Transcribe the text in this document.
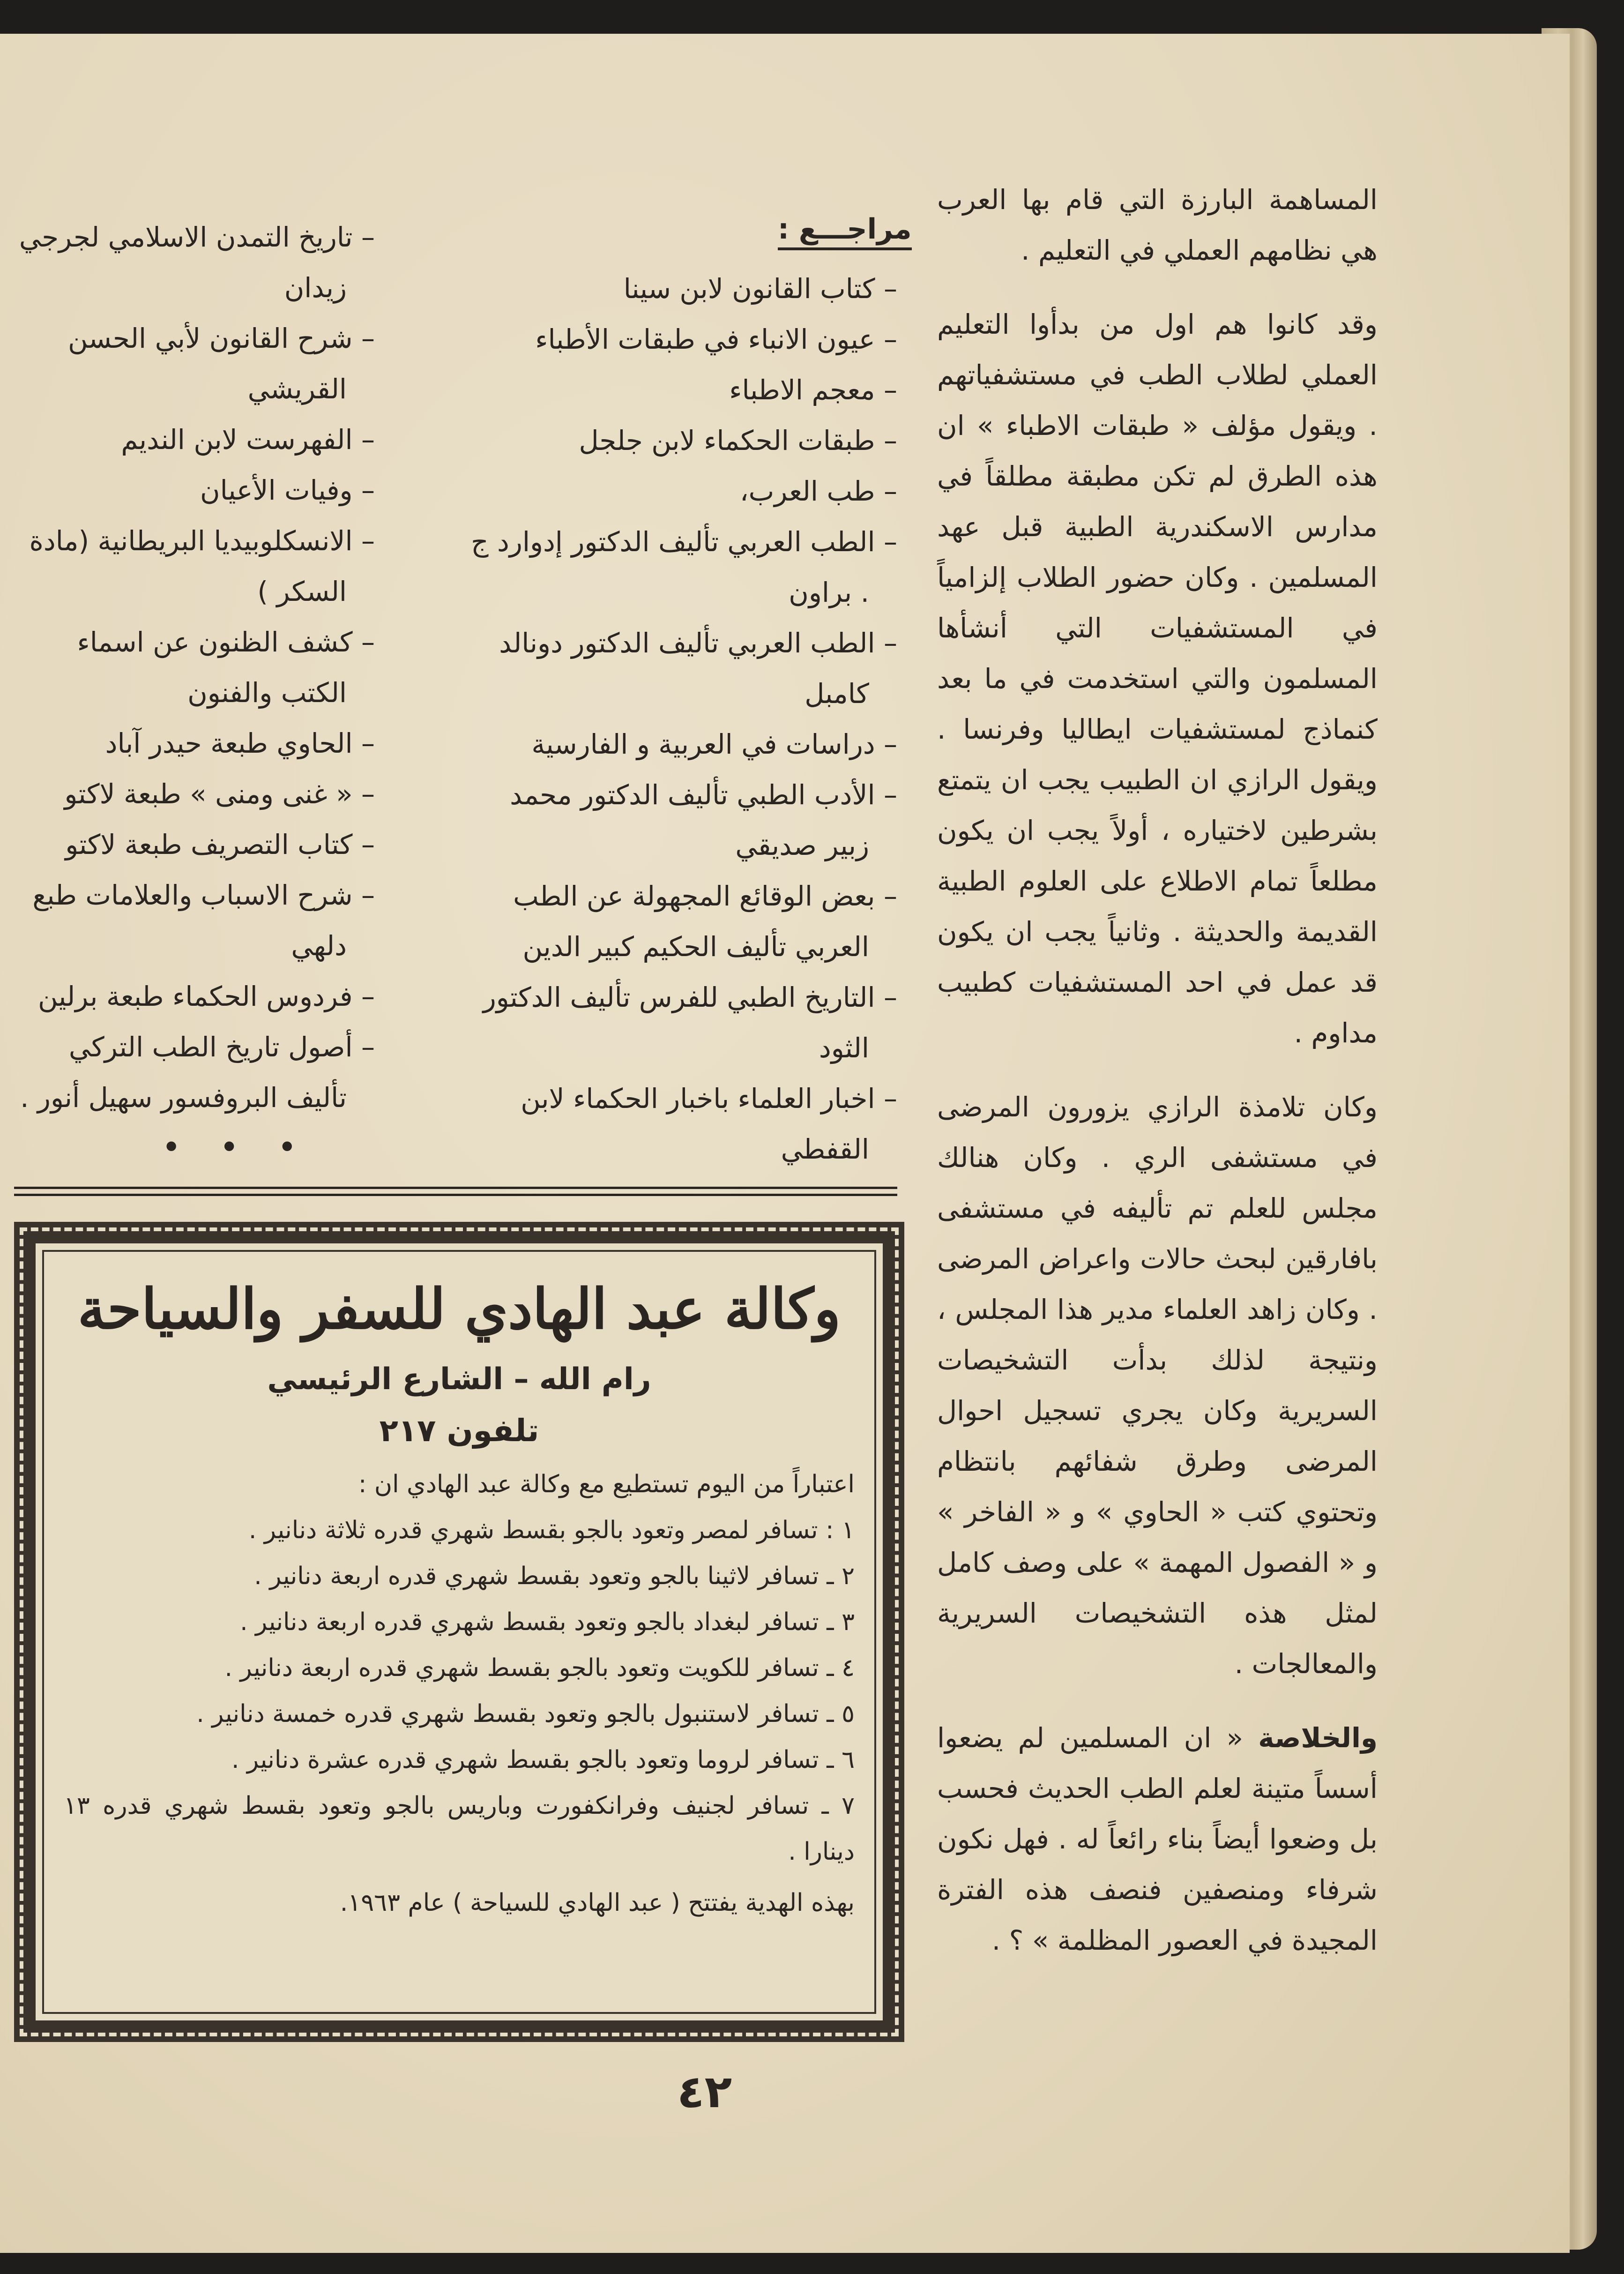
المساهمة البارزة التي قام بها العرب هي نظامهم العملي في التعليم .

وقد كانوا هم اول من بدأوا التعليم العملي لطلاب الطب في مستشفياتهم . ويقول مؤلف « طبقات الاطباء » ان هذه الطرق لم تكن مطبقة مطلقاً في مدارس الاسكندرية الطبية قبل عهد المسلمين . وكان حضور الطلاب إلزامياً في المستشفيات التي أنشأها المسلمون والتي استخدمت في ما بعد كنماذج لمستشفيات ايطاليا وفرنسا . ويقول الرازي ان الطبيب يجب ان يتمتع بشرطين لاختياره ، أولاً يجب ان يكون مطلعاً تمام الاطلاع على العلوم الطبية القديمة والحديثة . وثانياً يجب ان يكون قد عمل في احد المستشفيات كطبيب مداوم .

وكان تلامذة الرازي يزورون المرضى في مستشفى الري . وكان هنالك مجلس للعلم تم تأليفه في مستشفى بافارقين لبحث حالات واعراض المرضى . وكان زاهد العلماء مدير هذا المجلس ، ونتيجة لذلك بدأت التشخيصات السريرية وكان يجري تسجيل احوال المرضى وطرق شفائهم بانتظام وتحتوي كتب « الحاوي » و « الفاخر » و « الفصول المهمة » على وصف كامل لمثل هذه التشخيصات السريرية والمعالجات .

والخلاصة « ان المسلمين لم يضعوا أسساً متينة لعلم الطب الحديث فحسب بل وضعوا أيضاً بناء رائعاً له . فهل نكون شرفاء ومنصفين فنصف هذه الفترة المجيدة في العصور المظلمة » ؟ .

مراجـــع :
– كتاب القانون لابن سينا
– عيون الانباء في طبقات الأطباء
– معجم الاطباء
– طبقات الحكماء لابن جلجل
– طب العرب،
– الطب العربي تأليف الدكتور إدوارد ج . براون
– الطب العربي تأليف الدكتور دونالد كامبل
– دراسات في العربية و الفارسية
– الأدب الطبي تأليف الدكتور محمد زبير صديقي
– بعض الوقائع المجهولة عن الطب العربي تأليف الحكيم كبير الدين
– التاريخ الطبي للفرس تأليف الدكتور الثود
– اخبار العلماء باخبار الحكماء لابن القفطي
– تاريخ التمدن الاسلامي لجرجي زيدان
– شرح القانون لأبي الحسن القريشي
– الفهرست لابن النديم
– وفيات الأعيان
– الانسكلوبيديا البريطانية (مادة السكر )
– كشف الظنون عن اسماء الكتب والفنون
– الحاوي طبعة حيدر آباد
– « غنى ومنى » طبعة لاكتو
– كتاب التصريف طبعة لاكتو
– شرح الاسباب والعلامات طبع دلهي
– فردوس الحكماء طبعة برلين
– أصول تاريخ الطب التركي تأليف البروفسور سهيل أنور .
• • •
وكالة عبد الهادي للسفر والسياحة
رام الله – الشارع الرئيسي
تلفون ٢١٧
اعتباراً من اليوم تستطيع مع وكالة عبد الهادي ان :
١ : تسافر لمصر وتعود بالجو بقسط شهري قدره ثلاثة دنانير .
٢ ـ تسافر لاثينا بالجو وتعود بقسط شهري قدره اربعة دنانير .
٣ ـ تسافر لبغداد بالجو وتعود بقسط شهري قدره اربعة دنانير .
٤ ـ تسافر للكويت وتعود بالجو بقسط شهري قدره اربعة دنانير .
٥ ـ تسافر لاستنبول بالجو وتعود بقسط شهري قدره خمسة دنانير .
٦ ـ تسافر لروما وتعود بالجو بقسط شهري قدره عشرة دنانير .
٧ ـ تسافر لجنيف وفرانكفورت وباريس بالجو وتعود بقسط شهري قدره ١٣ دينارا .
بهذه الهدية يفتتح ( عبد الهادي للسياحة ) عام ١٩٦٣.
٤٢
